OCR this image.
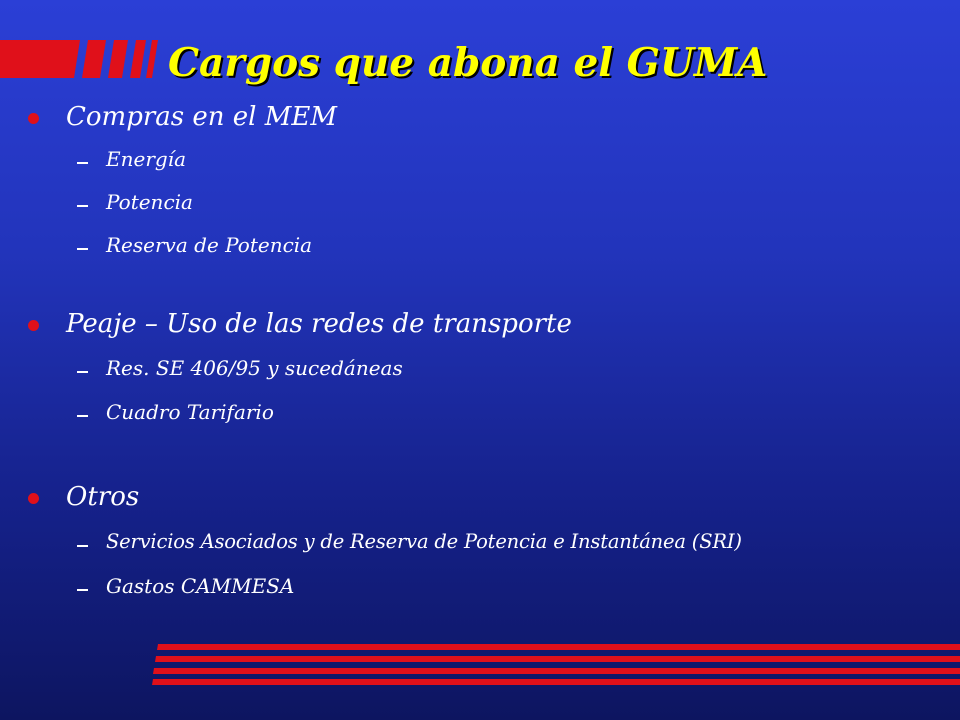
Cargos que abona el GUMA
Compras en el MEM
Energía
Potencia
Reserva de Potencia
Peaje – Uso de las redes de transporte
Res. SE 406/95 y sucedáneas
Cuadro Tarifario
Otros
Servicios Asociados y de Reserva de Potencia e Instantánea (SRI)
Gastos CAMMESA
